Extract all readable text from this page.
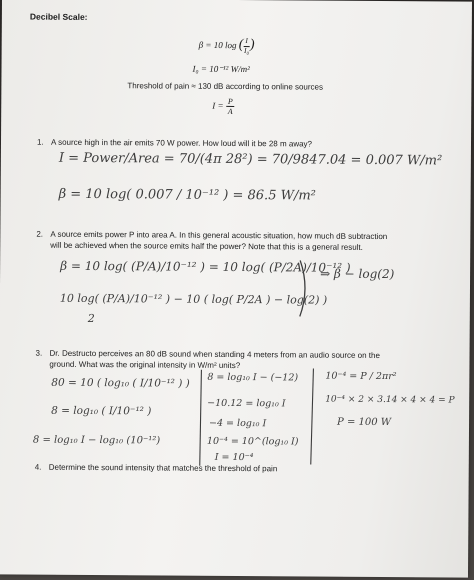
Decibel Scale:
β = 10 log ( $\frac{I}{\text{I₀}}$ )
I₀ = 10⁻¹² W/m²
Threshold of pain ≈ 130 dB according to online sources
$I = \frac{P}{A}$
1. A source high in the air emits 70 W power. How loud will it be 28 m away?
I = Power/Area = 70/(4π 28²) = 70/9847.04 = 0.007 W/m²
β = 10 log( 0.007 / 10⁻¹² ) = 86.5 W/m²
2. A source emits power P into area A. In this general acoustic situation, how much dB subtraction
will be achieved when the source emits half the power? Note that this is a general result.
β = 10 log( (P/A)/10⁻¹² ) = 10 log( (P/2A)/10⁻¹² )
10 log( (P/A)/10⁻¹² ) − 10 ( log( P/2A ) − log(2) )
2
⇒ β − log(2)
3. Dr. Destructo perceives an 80 dB sound when standing 4 meters from an audio source on the
ground. What was the original intensity in W/m² units?
80 = 10 ( log₁₀ ( I/10⁻¹² ) )
8 = log₁₀ ( I/10⁻¹² )
8 = log₁₀ I − log₁₀ (10⁻¹²)
8 = log₁₀ I − (−12)
−10.12 = log₁₀ I
−4 = log₁₀ I
10⁻⁴ = 10^(log₁₀ I)
I = 10⁻⁴
10⁻⁴ = P / 2πr²
10⁻⁴ × 2 × 3.14 × 4 × 4 = P
P = 100 W
4. Determine the sound intensity that matches the threshold of pain
